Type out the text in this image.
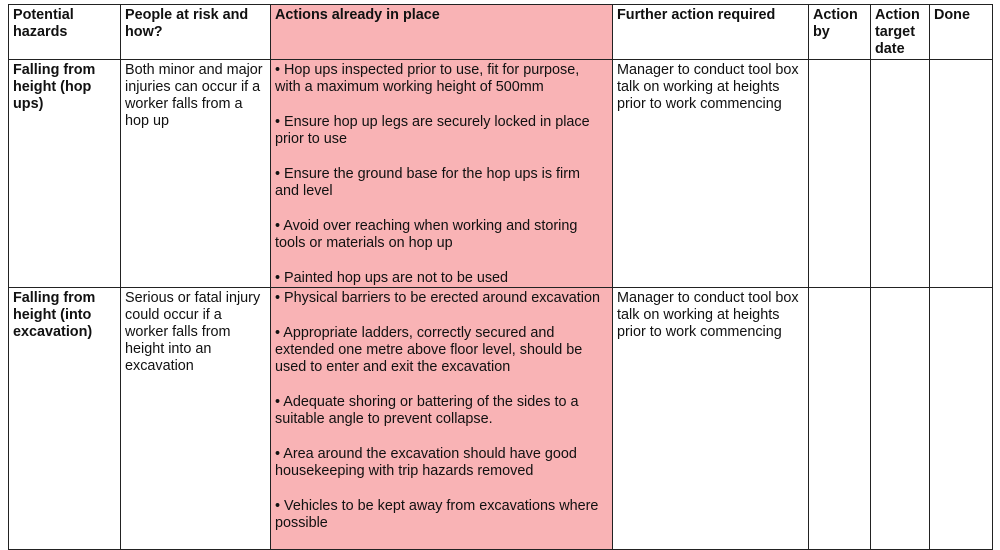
Potential hazards	People at risk and how?	Actions already in place	Further action required	Action by	Action target date	Done
Falling from height (hop ups)	Both minor and major injuries can occur if a worker falls from a hop up	• Hop ups inspected prior to use, fit for purpose, with a maximum working height of 500mm

• Ensure hop up legs are securely locked in place prior to use

• Ensure the ground base for the hop ups is firm and level

• Avoid over reaching when working and storing tools or materials on hop up

• Painted hop ups are not to be used	Manager to conduct tool box talk on working at heights prior to work commencing			
Falling from height (into excavation)	Serious or fatal injury could occur if a worker falls from height into an excavation	• Physical barriers to be erected around excavation

• Appropriate ladders, correctly secured and extended one metre above floor level, should be used to enter and exit the excavation

• Adequate shoring or battering of the sides to a suitable angle to prevent collapse.

• Area around the excavation should have good housekeeping with trip hazards removed

• Vehicles to be kept away from excavations where possible	Manager to conduct tool box talk on working at heights prior to work commencing			
